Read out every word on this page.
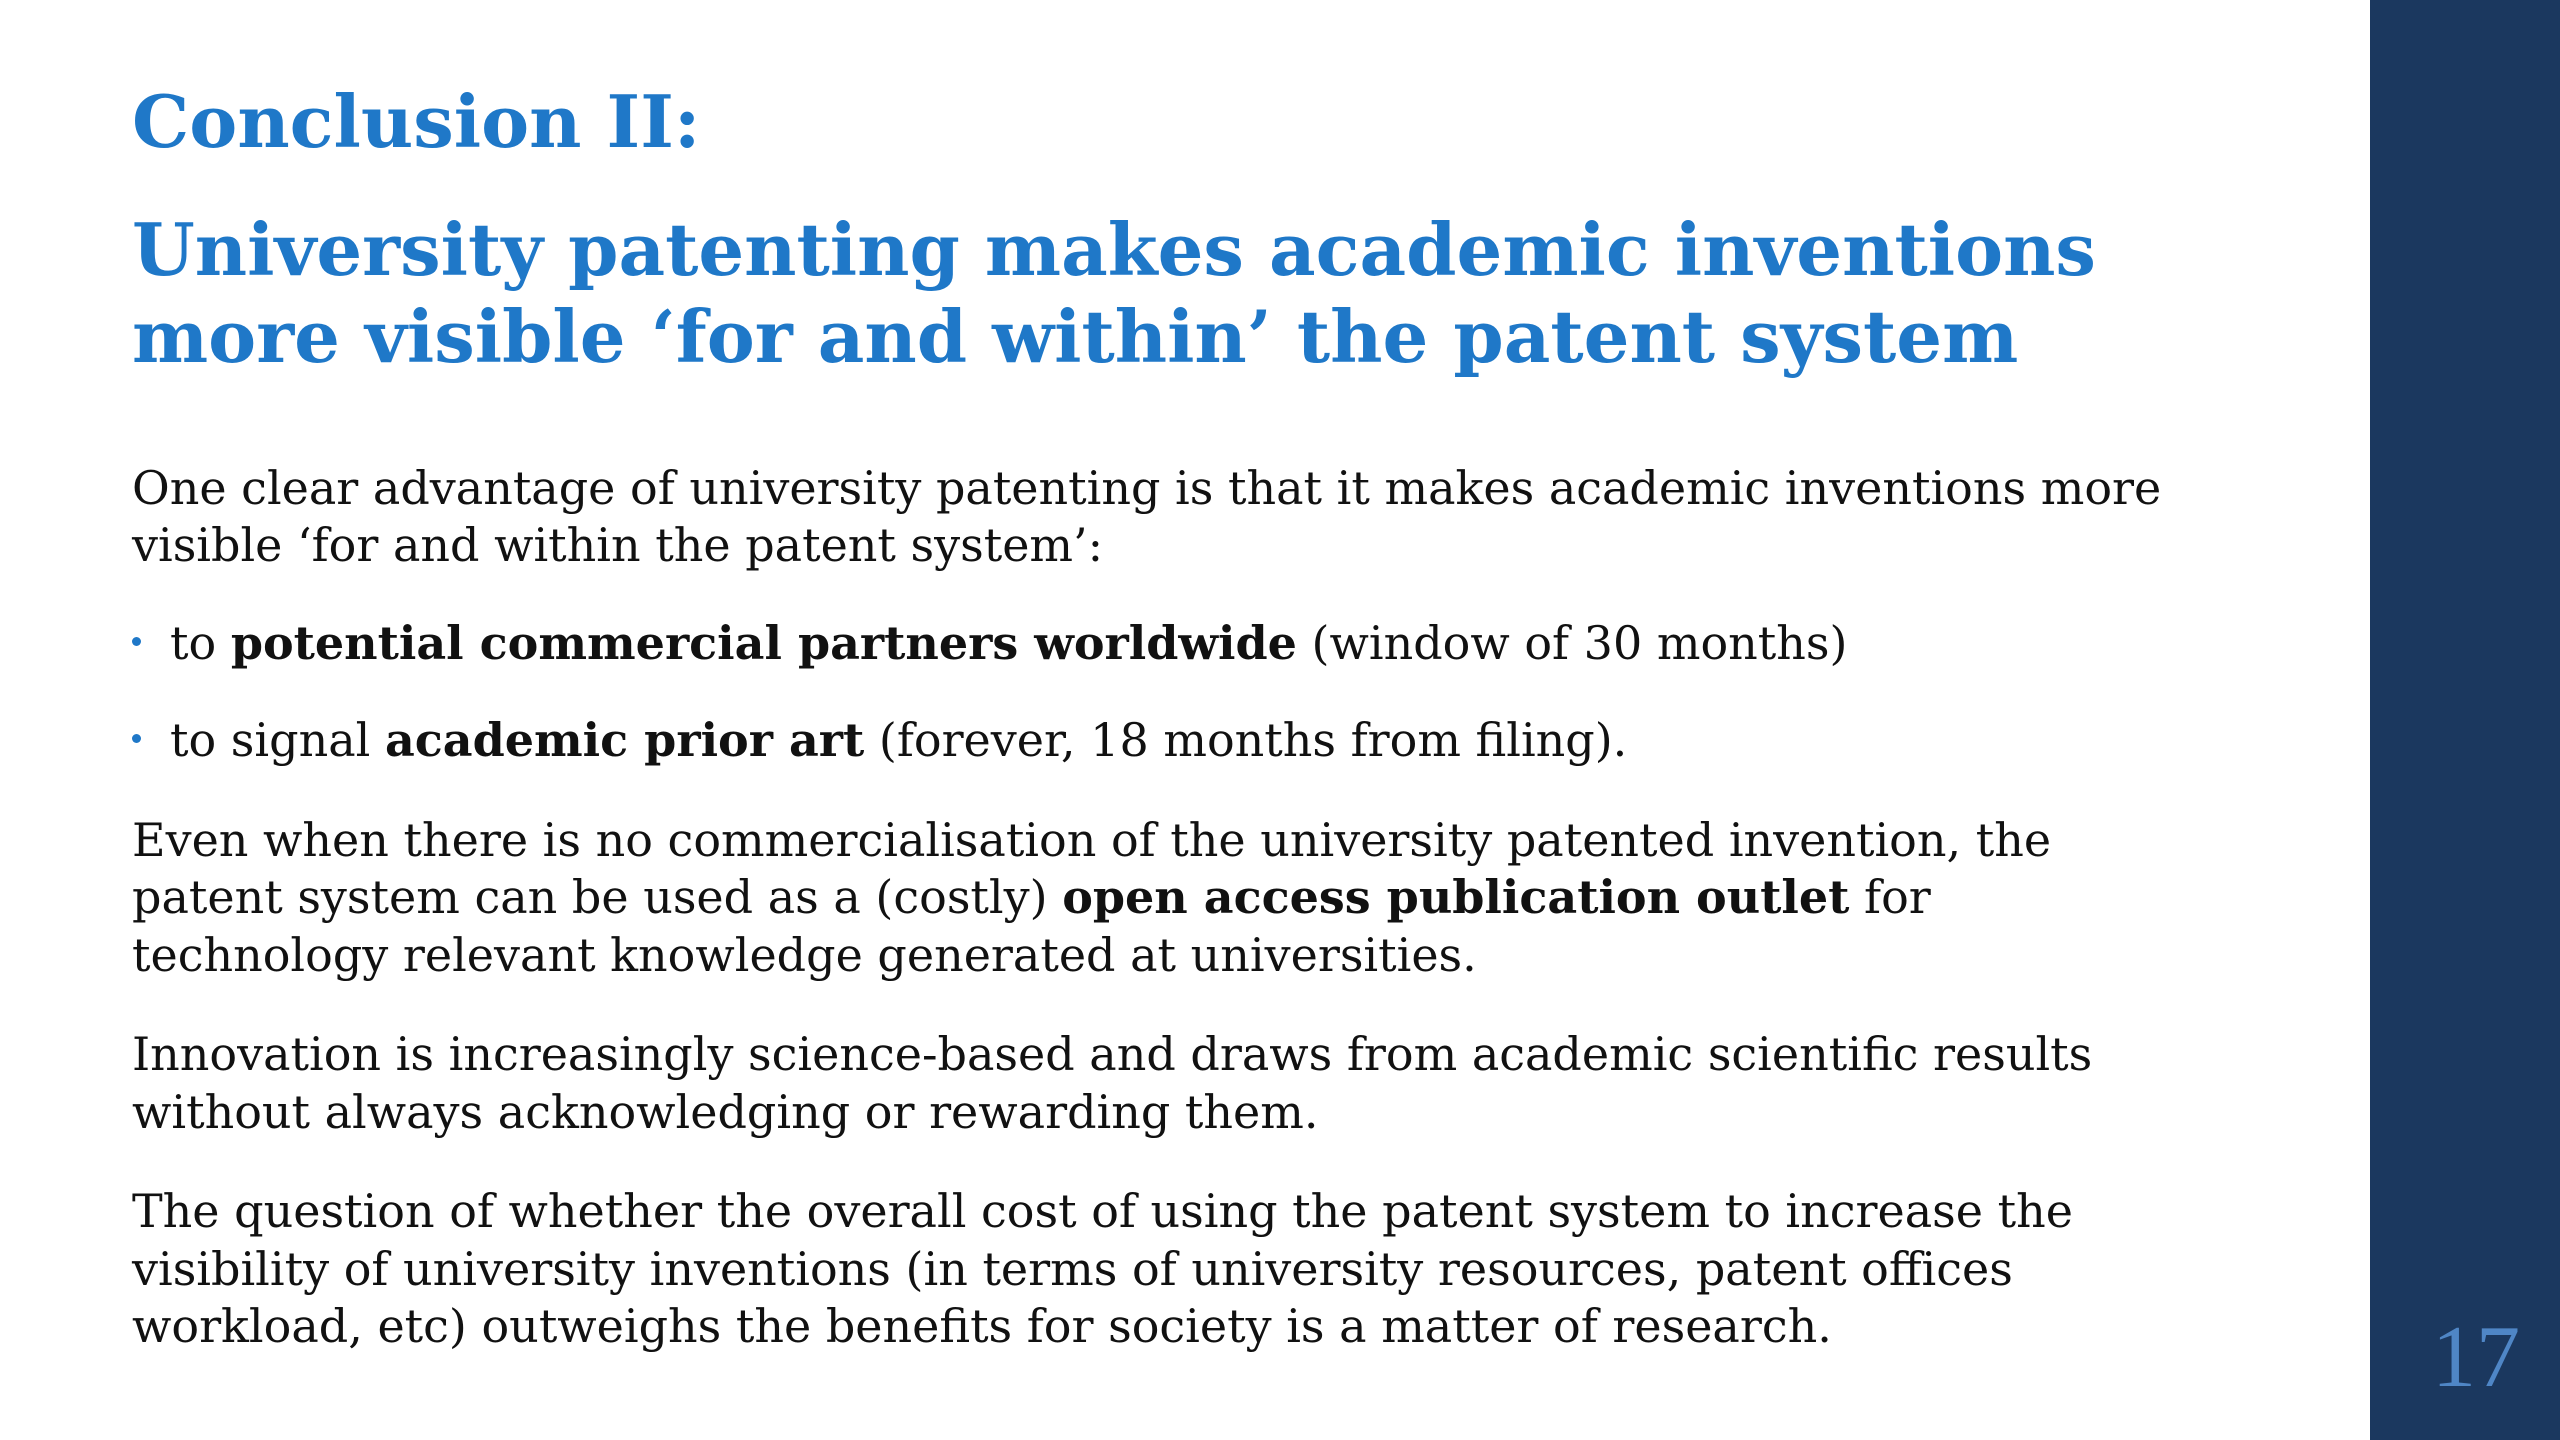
Conclusion II:
University patenting makes academic inventions more visible ‘for and within’ the patent system

One clear advantage of university patenting is that it makes academic inventions more visible ‘for and within the patent system’:

to potential commercial partners worldwide (window of 30 months)
to signal academic prior art (forever, 18 months from filing).

Even when there is no commercialisation of the university patented invention, the patent system can be used as a (costly) open access publication outlet for technology relevant knowledge generated at universities.

Innovation is increasingly science-based and draws from academic scientific results without always acknowledging or rewarding them.

The question of whether the overall cost of using the patent system to increase the visibility of university inventions (in terms of university resources, patent offices workload, etc) outweighs the benefits for society is a matter of research.	17
